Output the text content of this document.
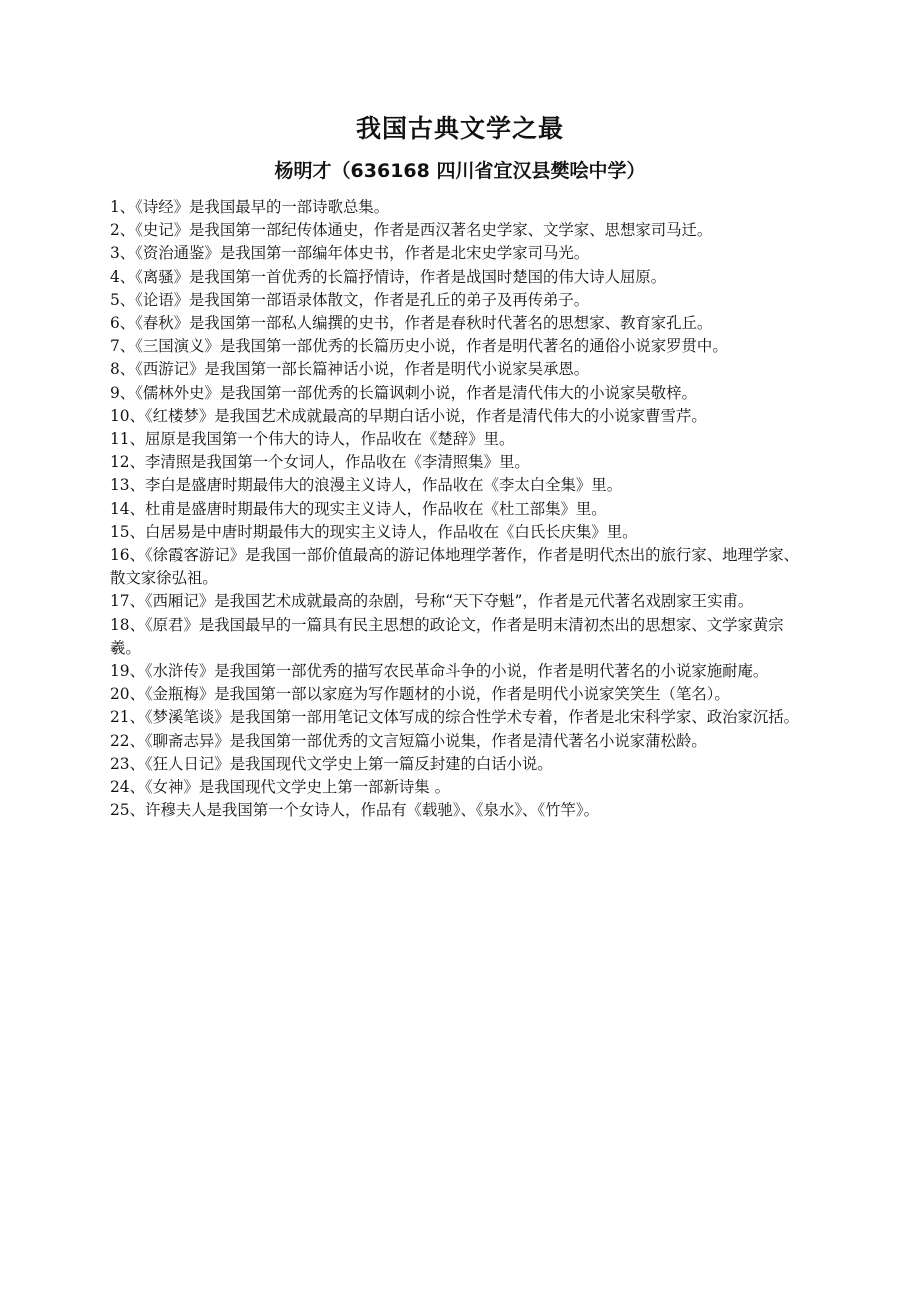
我国古典文学之最
杨明才（636168 四川省宜汉县樊哙中学）
1、《诗经》是我国最早的一部诗歌总集。
2、《史记》是我国第一部纪传体通史，作者是西汉著名史学家、文学家、思想家司马迁。
3、《资治通鉴》是我国第一部编年体史书，作者是北宋史学家司马光。
4、《离骚》是我国第一首优秀的长篇抒情诗，作者是战国时楚国的伟大诗人屈原。
5、《论语》是我国第一部语录体散文，作者是孔丘的弟子及再传弟子。
6、《春秋》是我国第一部私人编撰的史书，作者是春秋时代著名的思想家、教育家孔丘。
7、《三国演义》是我国第一部优秀的长篇历史小说，作者是明代著名的通俗小说家罗贯中。
8、《西游记》是我国第一部长篇神话小说，作者是明代小说家吴承恩。
9、《儒林外史》是我国第一部优秀的长篇讽刺小说，作者是清代伟大的小说家吴敬梓。
10、《红楼梦》是我国艺术成就最高的早期白话小说，作者是清代伟大的小说家曹雪芹。
11、屈原是我国第一个伟大的诗人，作品收在《楚辞》里。
12、李清照是我国第一个女词人，作品收在《李清照集》里。
13、李白是盛唐时期最伟大的浪漫主义诗人，作品收在《李太白全集》里。
14、杜甫是盛唐时期最伟大的现实主义诗人，作品收在《杜工部集》里。
15、白居易是中唐时期最伟大的现实主义诗人，作品收在《白氏长庆集》里。
16、《徐霞客游记》是我国一部价值最高的游记体地理学著作，作者是明代杰出的旅行家、地理学家、散文家徐弘祖。
17、《西厢记》是我国艺术成就最高的杂剧，号称“天下夺魁”，作者是元代著名戏剧家王实甫。
18、《原君》是我国最早的一篇具有民主思想的政论文，作者是明末清初杰出的思想家、文学家黄宗羲。
19、《水浒传》是我国第一部优秀的描写农民革命斗争的小说，作者是明代著名的小说家施耐庵。
20、《金瓶梅》是我国第一部以家庭为写作题材的小说，作者是明代小说家笑笑生（笔名）。
21、《梦溪笔谈》是我国第一部用笔记文体写成的综合性学术专着，作者是北宋科学家、政治家沉括。
22、《聊斋志异》是我国第一部优秀的文言短篇小说集，作者是清代著名小说家蒲松龄。
23、《狂人日记》是我国现代文学史上第一篇反封建的白话小说。
24、《女神》是我国现代文学史上第一部新诗集 。
25、许穆夫人是我国第一个女诗人，作品有《载驰》、《泉水》、《竹竿》。
